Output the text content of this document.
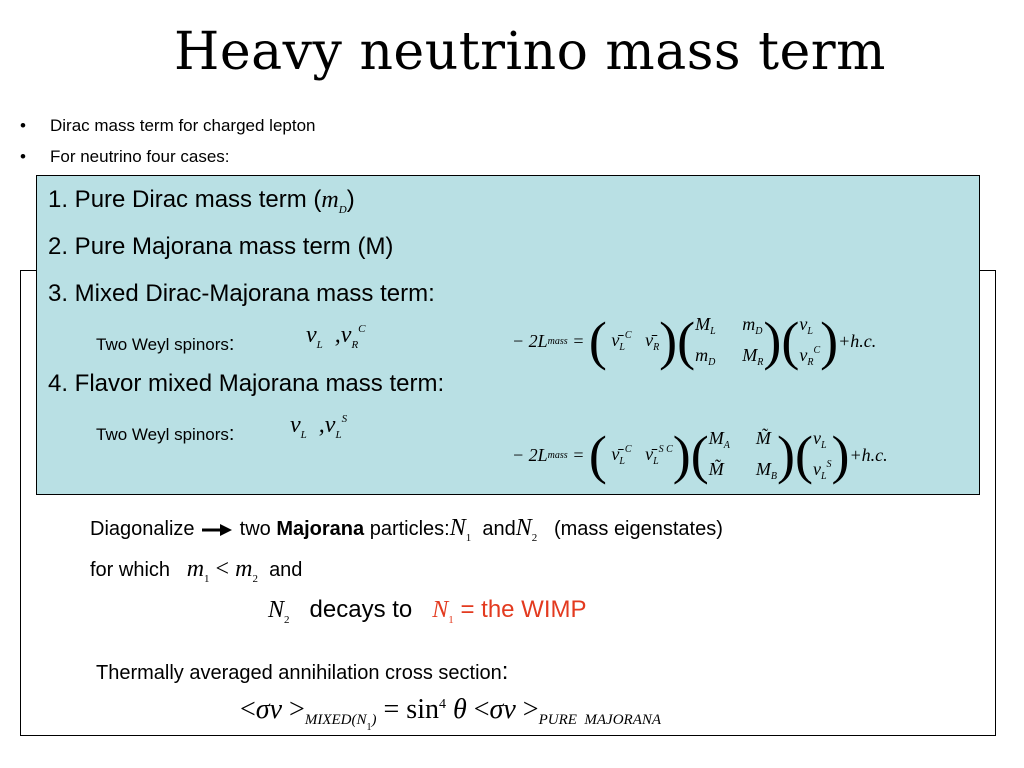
Heavy neutrino mass term
• Dirac mass term for charged lepton
• For neutrino four cases:
1. Pure Dirac mass term $(m_D)$
2. Pure Majorana mass term (M)
3. Mixed Dirac-Majorana mass term:
Two Weyl spinors:	$\nu_L$  $,\nu_R^C$
− 2 L mass = ( $\nū_L^C$   $\nū_R$ ) ( $M_L$ $m_D$
$m_D$ $M_R$ ) ( $\nu_L$
$\nu_R^C$ ) + h.c.
4. Flavor mixed Majorana mass term:
Two Weyl spinors: $\nu_L$  $,\nu_L^S$
− 2 L mass = ( $\nū_L^C$   $\nū_L^{S C}$ ) ( $M_A$ M̃
M̃	$M_B$ ) ( $\nu_L$
$\nu_L^S$ ) + h.c.
Diagonalize two Majorana $particles:N_1$ andN$_2$ (mass eigenstates)
for which $m_1 < m_2$ and
$N_2$ decays to $N_1$ = the WIMP
Thermally averaged annihilation cross section:
$<\sigma v >_{MIXED(N_1)} = \sin^4 \theta <\sigma v >_{PURE MAJORANA}$
